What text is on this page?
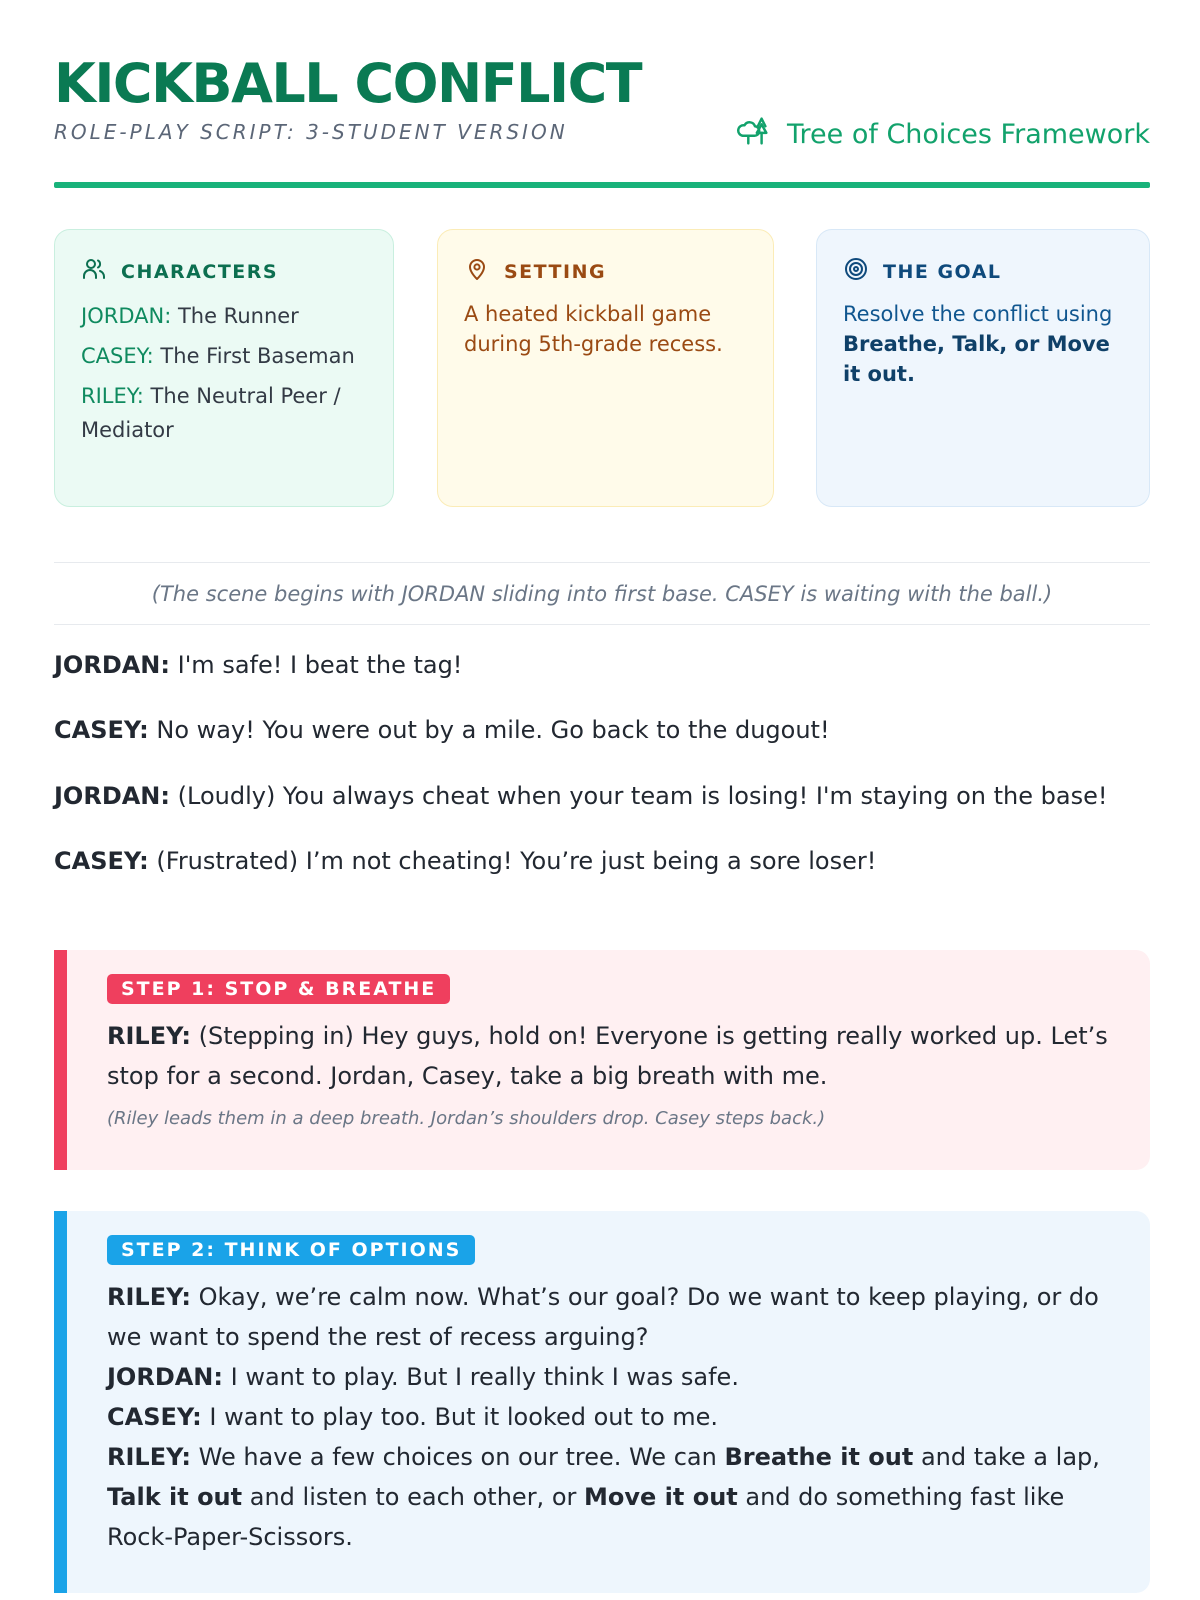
KICKBALL CONFLICT
ROLE-PLAY SCRIPT: 3-STUDENT VERSION	Tree of Choices Framework
CHARACTERS
JORDAN: The Runner
CASEY: The First Baseman
RILEY: The Neutral Peer / Mediator
SETTING

A heated kickball game during 5th-grade recess.

THE GOAL

Resolve the conflict using Breathe, Talk, or Move it out.

(The scene begins with JORDAN sliding into first base. CASEY is waiting with the ball.)

JORDAN: I'm safe! I beat the tag!

CASEY: No way! You were out by a mile. Go back to the dugout!

JORDAN: (Loudly) You always cheat when your team is losing! I'm staying on the base!

CASEY: (Frustrated) I’m not cheating! You’re just being a sore loser!

STEP 1: STOP & BREATHE

RILEY: (Stepping in) Hey guys, hold on! Everyone is getting really worked up. Let’s stop for a second. Jordan, Casey, take a big breath with me.

(Riley leads them in a deep breath. Jordan’s shoulders drop. Casey steps back.)

STEP 2: THINK OF OPTIONS

RILEY: Okay, we’re calm now. What’s our goal? Do we want to keep playing, or do we want to spend the rest of recess arguing?

JORDAN: I want to play. But I really think I was safe.

CASEY: I want to play too. But it looked out to me.

RILEY: We have a few choices on our tree. We can Breathe it out and take a lap, Talk it out and listen to each other, or Move it out and do something fast like Rock-Paper-Scissors.
